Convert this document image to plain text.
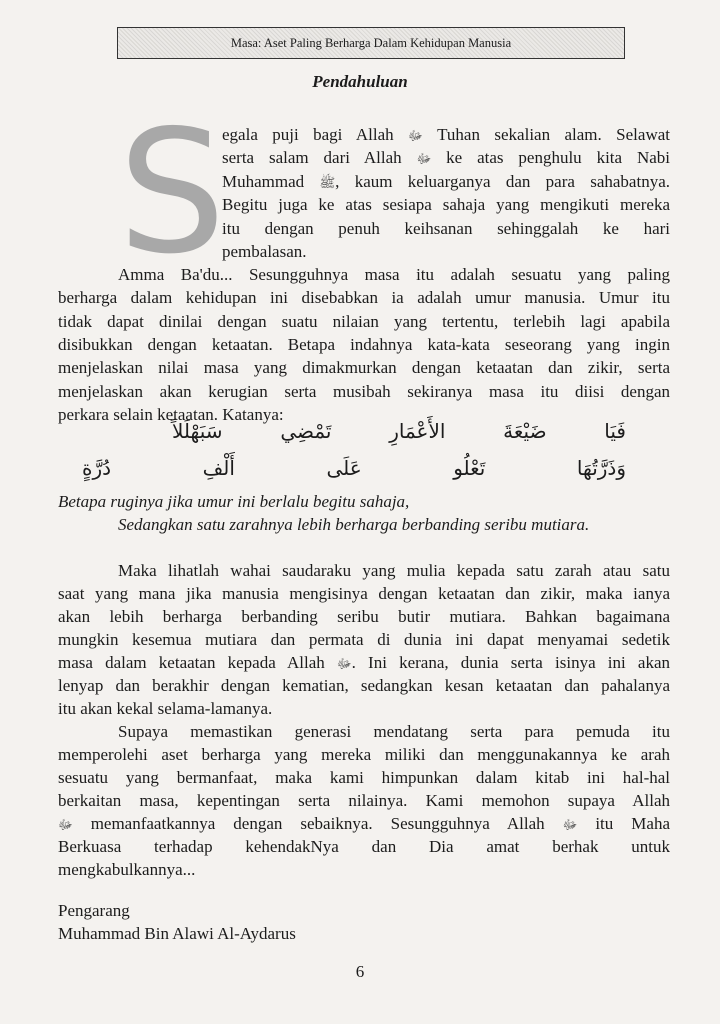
Masa: Aset Paling Berharga Dalam Kehidupan Manusia
Pendahuluan
S
egala puji bagi Allah ﷻ Tuhan sekalian alam. Selawat
serta salam dari Allah ﷻ ke atas penghulu kita Nabi
Muhammad ﷺ, kaum keluarganya dan para sahabatnya.
Begitu juga ke atas sesiapa sahaja yang mengikuti mereka
itu dengan penuh keihsanan sehinggalah ke hari
pembalasan.
Amma Ba'du... Sesungguhnya masa itu adalah sesuatu yang paling
berharga dalam kehidupan ini disebabkan ia adalah umur manusia. Umur itu
tidak dapat dinilai dengan suatu nilaian yang tertentu, terlebih lagi apabila
disibukkan dengan ketaatan. Betapa indahnya kata-kata seseorang yang ingin
menjelaskan nilai masa yang dimakmurkan dengan ketaatan dan zikir, serta
menjelaskan akan kerugian serta musibah sekiranya masa itu diisi dengan
perkara selain ketaatan. Katanya:
فَيَا ضَيْعَةَ الأَعْمَارِ تَمْضِي سَبَهْلَلاً
وَذَرَّتُهَا تَعْلُو عَلَى أَلْفِ دُرَّةٍ
Betapa ruginya jika umur ini berlalu begitu sahaja,
Sedangkan satu zarahnya lebih berharga berbanding seribu mutiara.
Maka lihatlah wahai saudaraku yang mulia kepada satu zarah atau satu
saat yang mana jika manusia mengisinya dengan ketaatan dan zikir, maka ianya
akan lebih berharga berbanding seribu butir mutiara. Bahkan bagaimana
mungkin kesemua mutiara dan permata di dunia ini dapat menyamai sedetik
masa dalam ketaatan kepada Allah ﷻ. Ini kerana, dunia serta isinya ini akan
lenyap dan berakhir dengan kematian, sedangkan kesan ketaatan dan pahalanya
itu akan kekal selama-lamanya.
Supaya memastikan generasi mendatang serta para pemuda itu
memperolehi aset berharga yang mereka miliki dan menggunakannya ke arah
sesuatu yang bermanfaat, maka kami himpunkan dalam kitab ini hal-hal
berkaitan masa, kepentingan serta nilainya. Kami memohon supaya Allah
ﷻ memanfaatkannya dengan sebaiknya. Sesungguhnya Allah ﷻ itu Maha
Berkuasa terhadap kehendakNya dan Dia amat berhak untuk
mengkabulkannya...
Pengarang
Muhammad Bin Alawi Al-Aydarus
6
